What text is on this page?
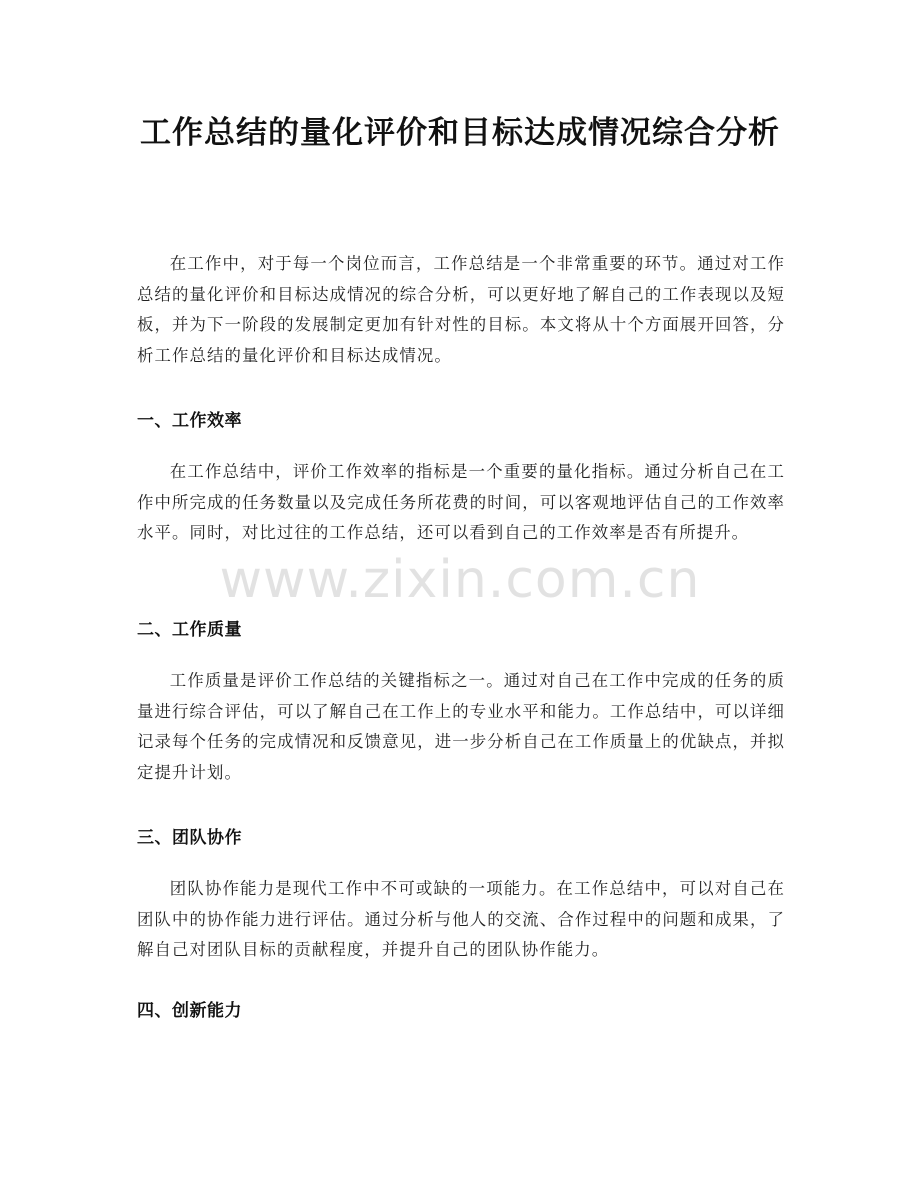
工作总结的量化评价和目标达成情况综合分析

在工作中，对于每一个岗位而言，工作总结是一个非常重要的环节。通过对工作总结的量化评价和目标达成情况的综合分析，可以更好地了解自己的工作表现以及短板，并为下一阶段的发展制定更加有针对性的目标。本文将从十个方面展开回答，分析工作总结的量化评价和目标达成情况。

一、工作效率

在工作总结中，评价工作效率的指标是一个重要的量化指标。通过分析自己在工作中所完成的任务数量以及完成任务所花费的时间，可以客观地评估自己的工作效率水平。同时，对比过往的工作总结，还可以看到自己的工作效率是否有所提升。

二、工作质量

工作质量是评价工作总结的关键指标之一。通过对自己在工作中完成的任务的质量进行综合评估，可以了解自己在工作上的专业水平和能力。工作总结中，可以详细记录每个任务的完成情况和反馈意见，进一步分析自己在工作质量上的优缺点，并拟定提升计划。

三、团队协作

团队协作能力是现代工作中不可或缺的一项能力。在工作总结中，可以对自己在团队中的协作能力进行评估。通过分析与他人的交流、合作过程中的问题和成果，了解自己对团队目标的贡献程度，并提升自己的团队协作能力。

四、创新能力
www.zixin.com.cn
